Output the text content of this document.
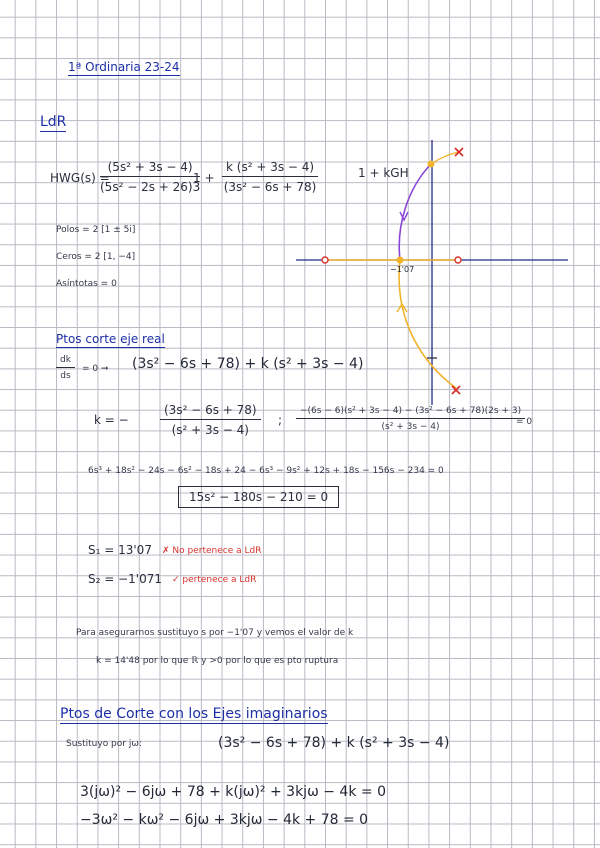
1ª Ordinaria 23-24
LdR
HWG(s) =
$\frac{\text{(5s² + 3s − 4)}}{\text{(5s² − 2s + 26)3}}$
$1 + \frac{\text{k (s² + 3s − 4)}}{\text{(3s² − 6s + 78)}}$	1 + kGH
Polos = 2 [1 ± 5i]
Ceros = 2 [1, −4]
Asíntotas = 0
−1'07
Ptos corte eje real
$\frac{dk}{ds} = 0$ ➞ (3s² − 6s + 78) + k (s² + 3s − 4)
k = −	$\frac{\text{(3s² − 6s + 78)}}{\text{(s² + 3s − 4)}}$ ; $\frac{\text{−(6s − 6)(s² + 3s − 4) − (3s² − 6s + 78)(2s + 3)}}{\text{(s² + 3s − 4)}}$
= 0
6s³ + 18s² − 24s − 6s² − 18s + 24 − 6s³ − 9s² + 12s + 18s − 156s − 234 = 0
15s² − 180s − 210 = 0
S₁ = 13'07 ✗ No pertenece a LdR
S₂ = −1'071 ✓ pertenece a LdR
Para asegurarnos sustituyo s por −1'07 y vemos el valor de k
k = 14'48 por lo que ℝ y >0 por lo que es pto ruptura
Ptos de Corte con los Ejes imaginarios
Sustituyo por jω:	(3s² − 6s + 78) + k (s² + 3s − 4)
3(jω)² − 6jω + 78 + k(jω)² + 3kjω − 4k = 0
−3ω² − kω² − 6jω + 3kjω − 4k + 78 = 0
